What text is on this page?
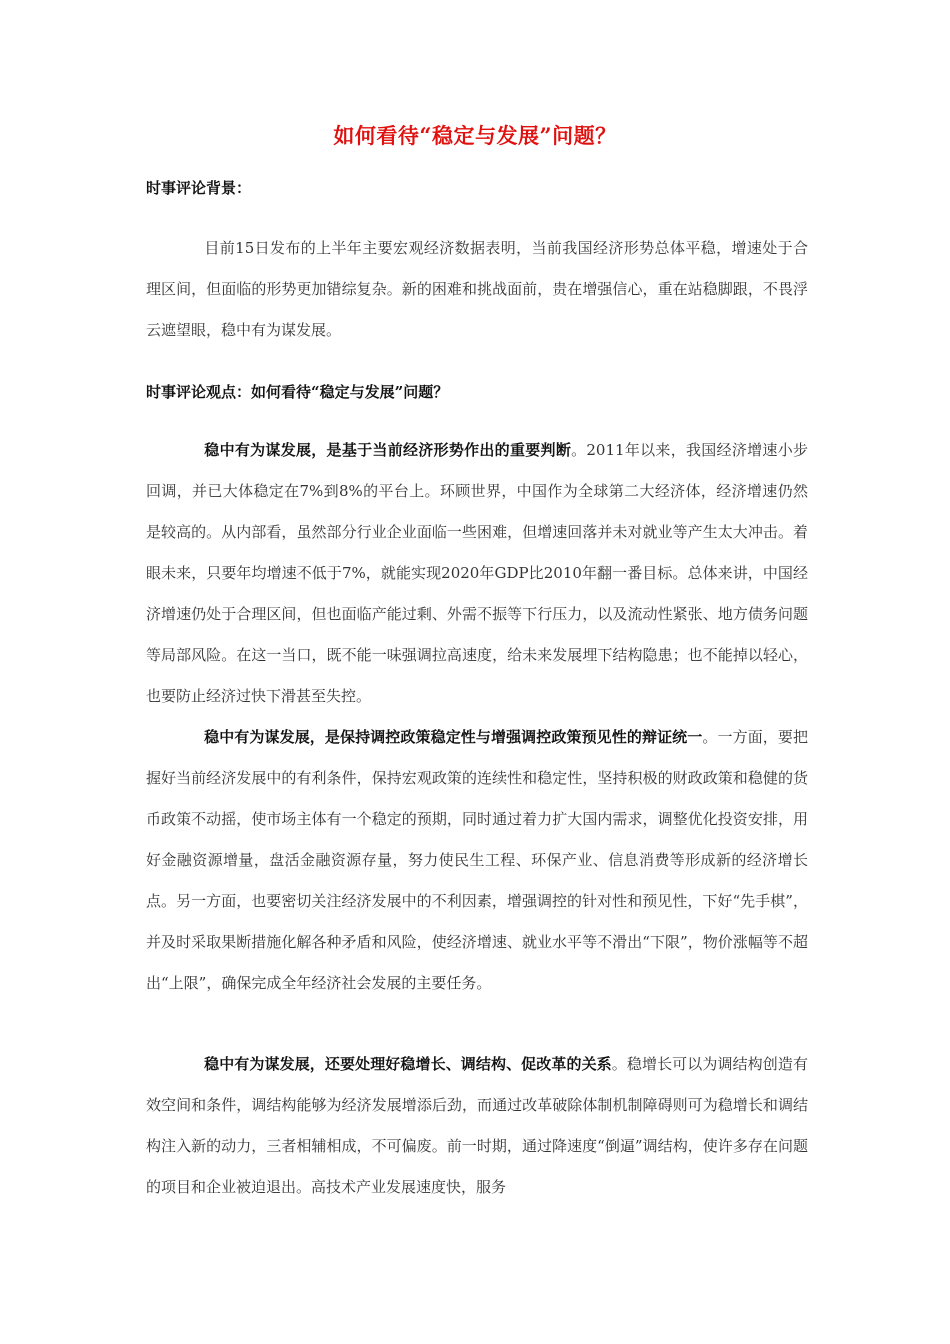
如何看待“稳定与发展”问题？
时事评论背景：

目前15日发布的上半年主要宏观经济数据表明，当前我国经济形势总体平稳，增速处于合理区间，但面临的形势更加错综复杂。新的困难和挑战面前，贵在增强信心，重在站稳脚跟，不畏浮云遮望眼，稳中有为谋发展。

时事评论观点：如何看待“稳定与发展”问题？

稳中有为谋发展，是基于当前经济形势作出的重要判断。2011年以来，我国经济增速小步回调，并已大体稳定在7%到8%的平台上。环顾世界，中国作为全球第二大经济体，经济增速仍然是较高的。从内部看，虽然部分行业企业面临一些困难，但增速回落并未对就业等产生太大冲击。着眼未来，只要年均增速不低于7%，就能实现2020年GDP比2010年翻一番目标。总体来讲，中国经济增速仍处于合理区间，但也面临产能过剩、外需不振等下行压力，以及流动性紧张、地方债务问题等局部风险。在这一当口，既不能一味强调拉高速度，给未来发展埋下结构隐患；也不能掉以轻心，也要防止经济过快下滑甚至失控。

稳中有为谋发展，是保持调控政策稳定性与增强调控政策预见性的辩证统一。一方面，要把握好当前经济发展中的有利条件，保持宏观政策的连续性和稳定性，坚持积极的财政政策和稳健的货币政策不动摇，使市场主体有一个稳定的预期，同时通过着力扩大国内需求，调整优化投资安排，用好金融资源增量，盘活金融资源存量，努力使民生工程、环保产业、信息消费等形成新的经济增长点。另一方面，也要密切关注经济发展中的不利因素，增强调控的针对性和预见性，下好“先手棋”，并及时采取果断措施化解各种矛盾和风险，使经济增速、就业水平等不滑出“下限”，物价涨幅等不超出“上限”，确保完成全年经济社会发展的主要任务。

稳中有为谋发展，还要处理好稳增长、调结构、促改革的关系。稳增长可以为调结构创造有效空间和条件，调结构能够为经济发展增添后劲，而通过改革破除体制机制障碍则可为稳增长和调结构注入新的动力，三者相辅相成，不可偏废。前一时期，通过降速度“倒逼”调结构，使许多存在问题的项目和企业被迫退出。高技术产业发展速度快，服务
